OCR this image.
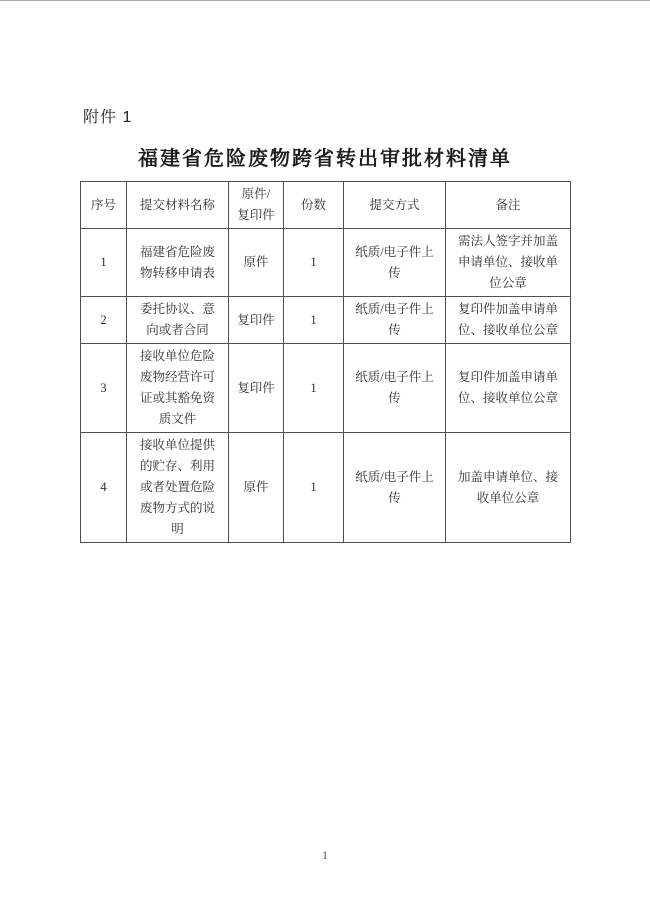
附件 1
福建省危险废物跨省转出审批材料清单
序号	提交材料名称	原件/复印件	份数	提交方式	备注
1	福建省危险废物转移申请表	原件	1	纸质/电子件上传	需法人签字并加盖申请单位、接收单位公章
2	委托协议、意向或者合同	复印件	1	纸质/电子件上传	复印件加盖申请单位、接收单位公章
3	接收单位危险废物经营许可证或其豁免资质文件	复印件	1	纸质/电子件上传	复印件加盖申请单位、接收单位公章
4	接收单位提供的贮存、利用或者处置危险废物方式的说明	原件	1	纸质/电子件上传	加盖申请单位、接收单位公章
1
